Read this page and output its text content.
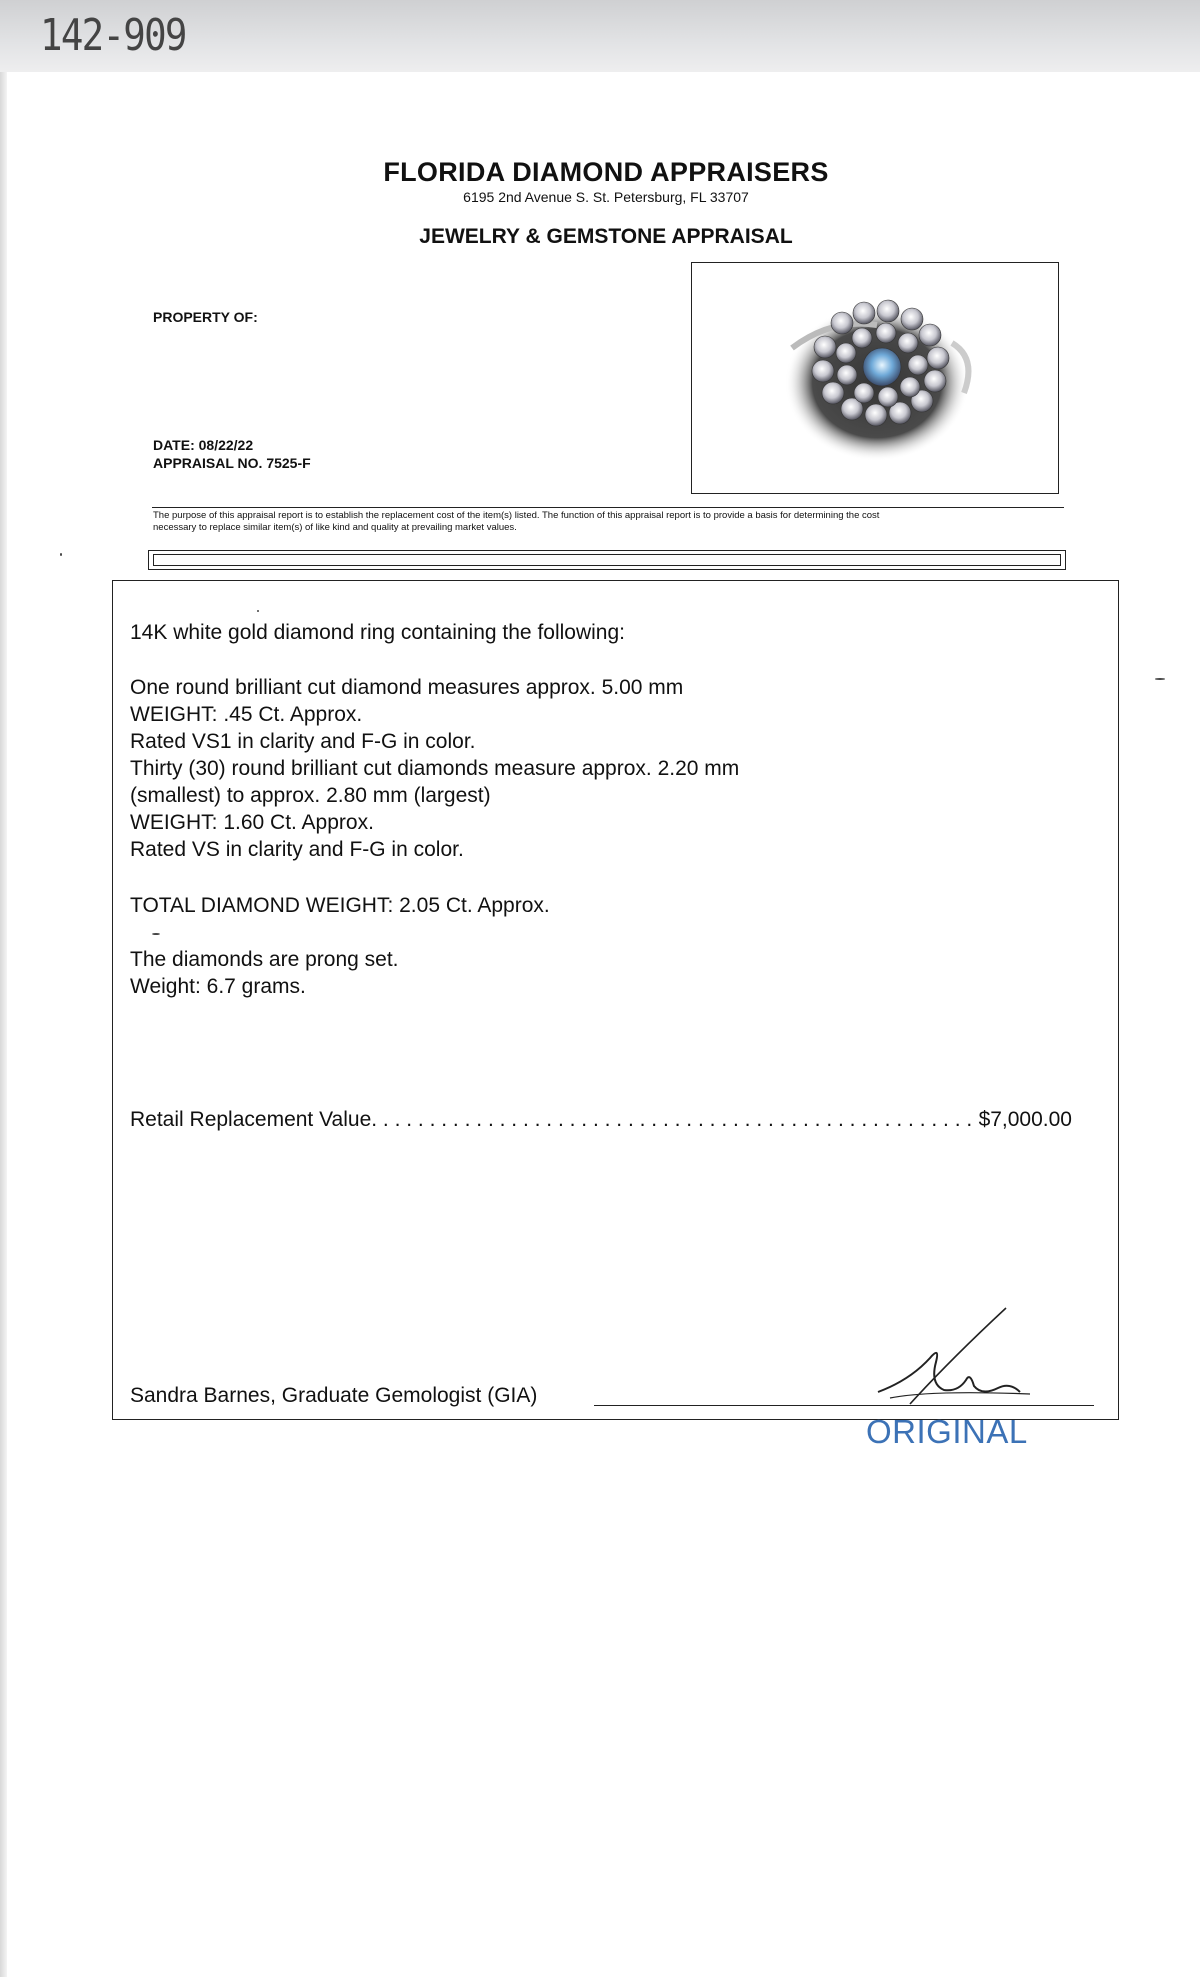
142-909
FLORIDA DIAMOND APPRAISERS
6195 2nd Avenue S. St. Petersburg, FL 33707
JEWELRY & GEMSTONE APPRAISAL
PROPERTY OF:
DATE: 08/22/22
APPRAISAL NO. 7525-F
The purpose of this appraisal report is to establish the replacement cost of the item(s) listed. The function of this appraisal report is to provide a basis for determining the cost
necessary to replace similar item(s) of like kind and quality at prevailing market values.
14K white gold diamond ring containing the following:
One round brilliant cut diamond measures approx. 5.00 mm
WEIGHT: .45 Ct. Approx.
Rated VS1 in clarity and F-G in color.
Thirty (30) round brilliant cut diamonds measure approx. 2.20 mm
(smallest) to approx. 2.80 mm (largest)
WEIGHT: 1.60 Ct. Approx.
Rated VS in clarity and F-G in color.
TOTAL DIAMOND WEIGHT: 2.05 Ct. Approx.
The diamonds are prong set.
Weight: 6.7 grams.
Retail Replacement Value
. . .	$7,000.00
Sandra Barnes, Graduate Gemologist (GIA)
ORIGINAL
